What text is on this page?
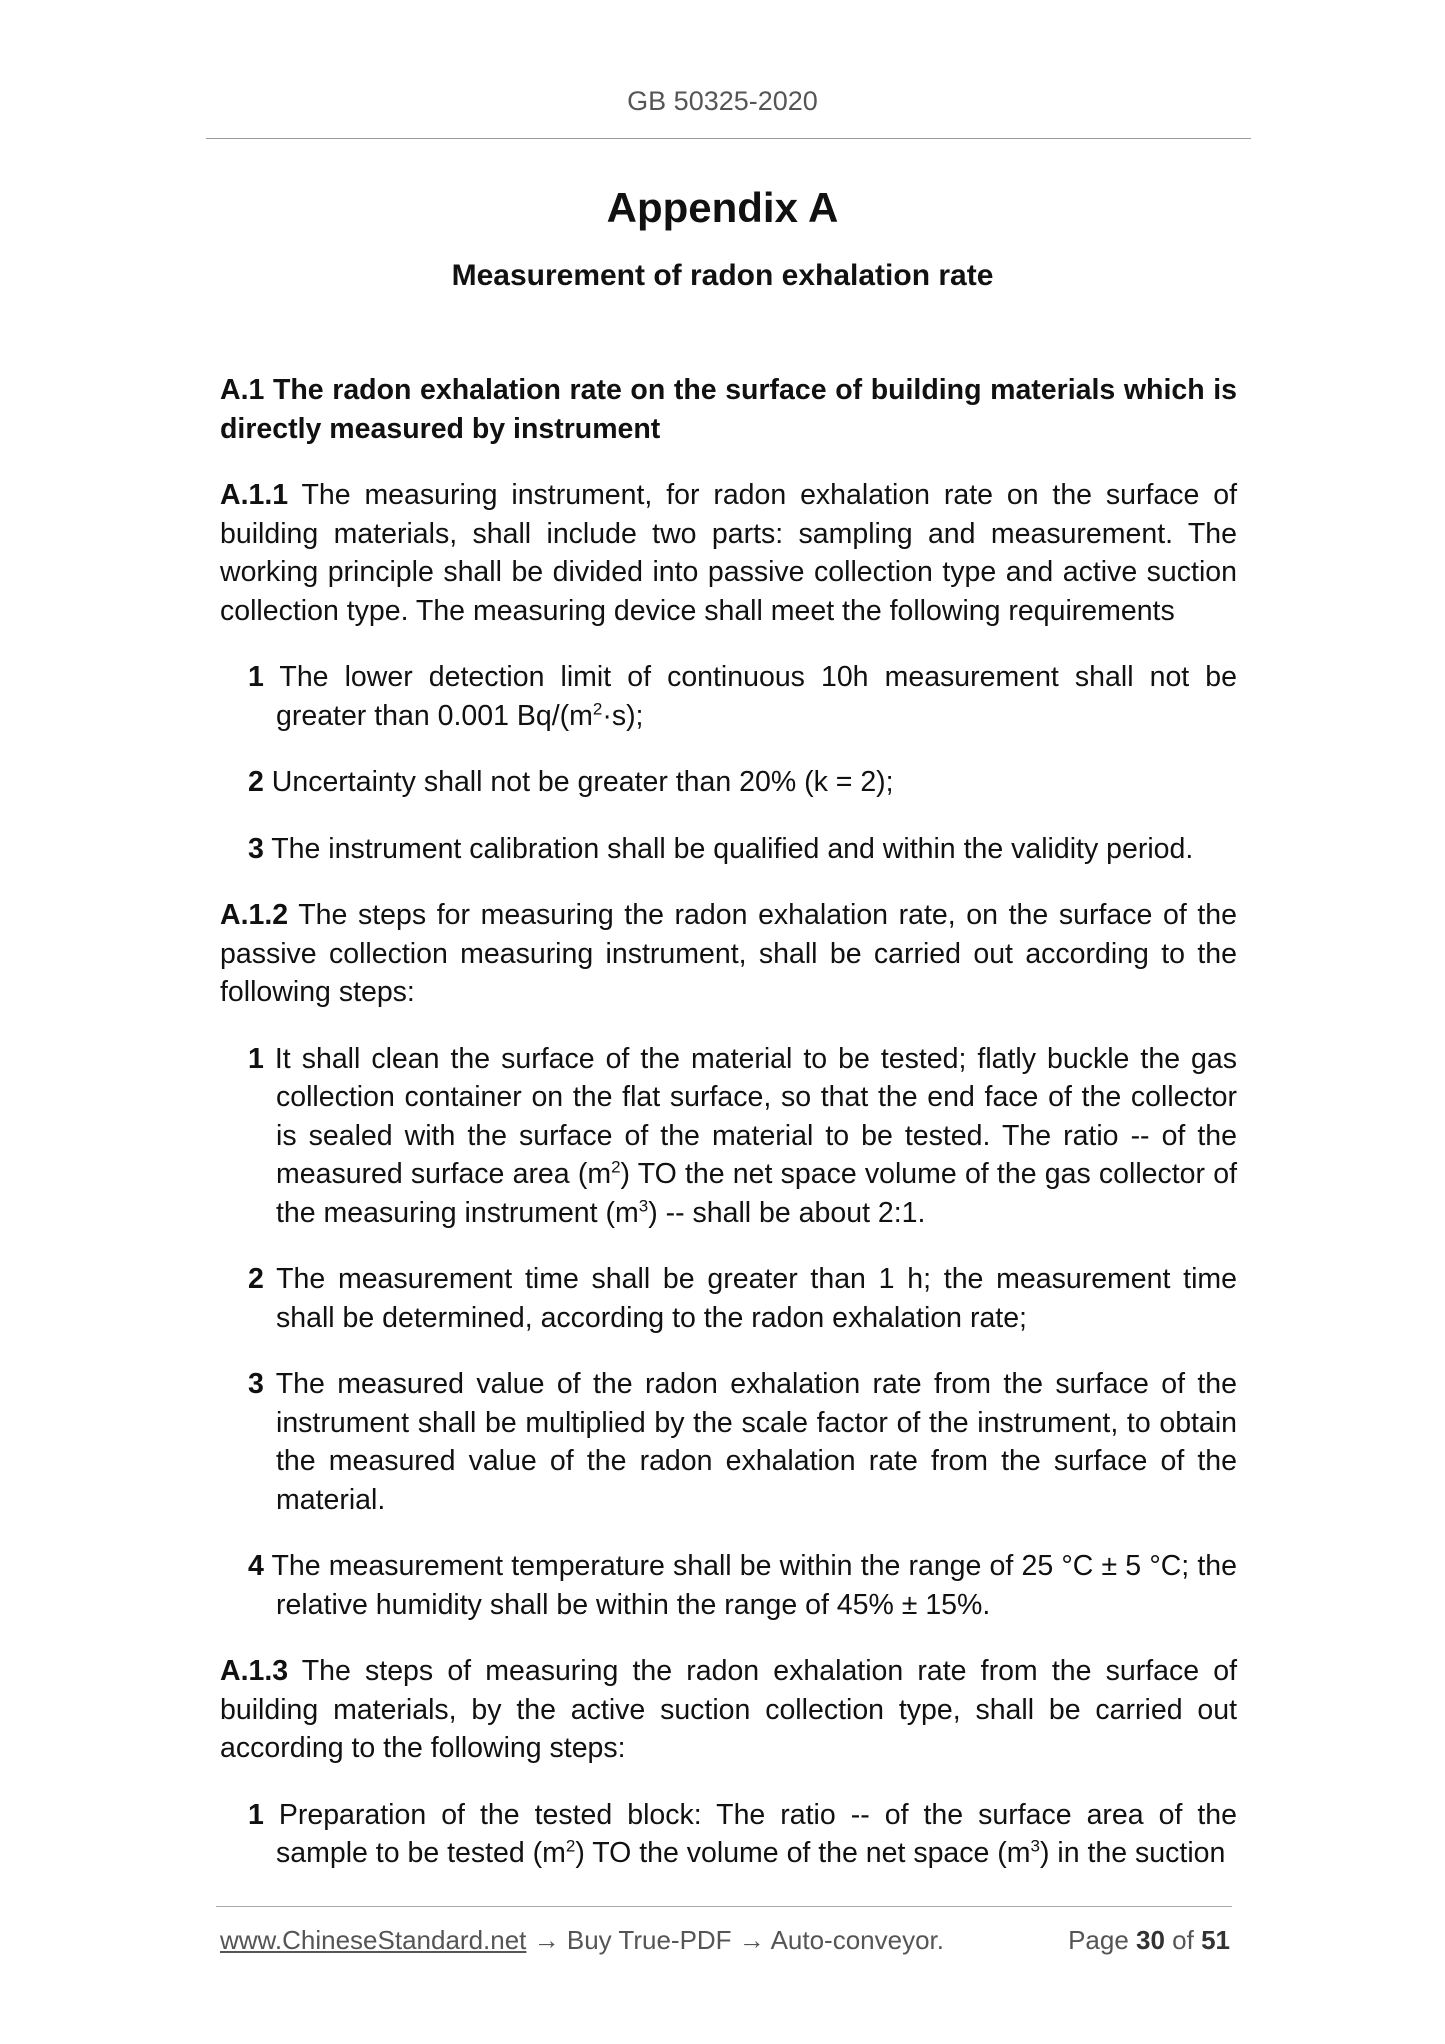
GB 50325-2020
Appendix A
Measurement of radon exhalation rate

A.1 The radon exhalation rate on the surface of building materials which is directly measured by instrument

A.1.1 The measuring instrument, for radon exhalation rate on the surface of building materials, shall include two parts: sampling and measurement. The working principle shall be divided into passive collection type and active suction collection type. The measuring device shall meet the following requirements

1 The lower detection limit of continuous 10h measurement shall not be greater than 0.001 $Bq/(m^2\cdot s)$;

2 Uncertainty shall not be greater than 20% (k = 2);

3 The instrument calibration shall be qualified and within the validity period.

A.1.2 The steps for measuring the radon exhalation rate, on the surface of the passive collection measuring instrument, shall be carried out according to the following steps:

1 It shall clean the surface of the material to be tested; flatly buckle the gas collection container on the flat surface, so that the end face of the collector is sealed with the surface of the material to be tested. The ratio -- of the measured surface area $(m^2)$ TO the net space volume of the gas collector of the measuring instrument $(m^3)$ -- shall be about 2:1.

2 The measurement time shall be greater than 1 h; the measurement time shall be determined, according to the radon exhalation rate;

3 The measured value of the radon exhalation rate from the surface of the instrument shall be multiplied by the scale factor of the instrument, to obtain the measured value of the radon exhalation rate from the surface of the material.

4 The measurement temperature shall be within the range of 25 °C ± 5 °C; the relative humidity shall be within the range of 45% ± 15%.

A.1.3 The steps of measuring the radon exhalation rate from the surface of building materials, by the active suction collection type, shall be carried out according to the following steps:

1 Preparation of the tested block: The ratio -- of the surface area of the sample to be tested $(m^2)$ TO the volume of the net space $(m^3)$ in the suction

www.ChineseStandard.net → Buy True-PDF → Auto-conveyor.	Page 30 of 51
